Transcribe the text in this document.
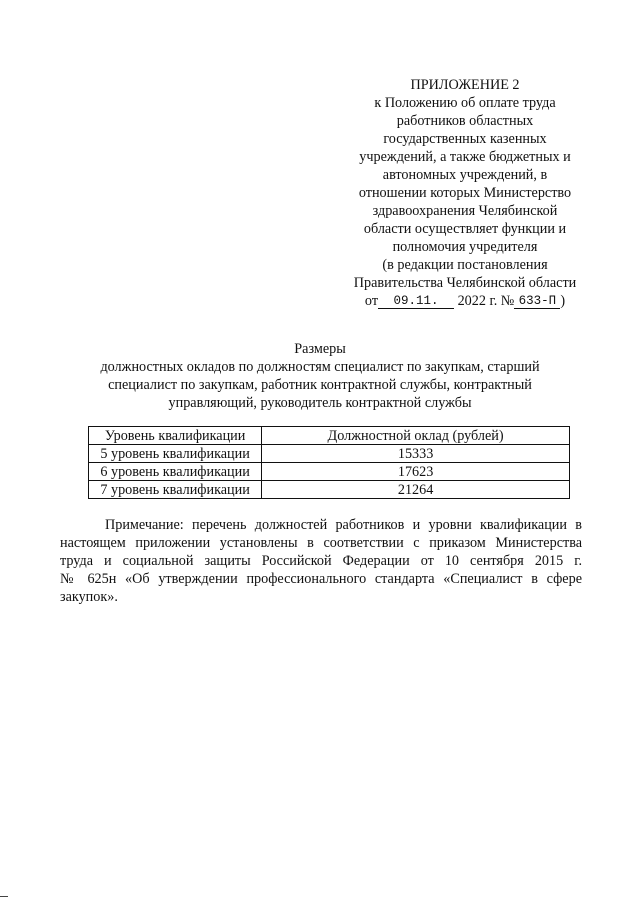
ПРИЛОЖЕНИЕ 2
к Положению об оплате труда
работников областных
государственных казенных
учреждений, а также бюджетных и
автономных учреждений, в
отношении которых Министерство
здравоохранения Челябинской
области осуществляет функции и
полномочия учредителя
(в редакции постановления
Правительства Челябинской области
от 09.11. 2022 г. № 633-П )
Размеры
должностных окладов по должностям специалист по закупкам, старший
специалист по закупкам, работник контрактной службы, контрактный
управляющий, руководитель контрактной службы
Уровень квалификации	Должностной оклад (рублей)
5 уровень квалификации	15333
6 уровень квалификации	17623
7 уровень квалификации	21264
Примечание: перечень должностей работников и уровни квалификации в
настоящем приложении установлены в соответствии с приказом Министерства
труда и социальной защиты Российской Федерации от 10 сентября 2015 г.
№ 625н «Об утверждении профессионального стандарта «Специалист в сфере
закупок».
